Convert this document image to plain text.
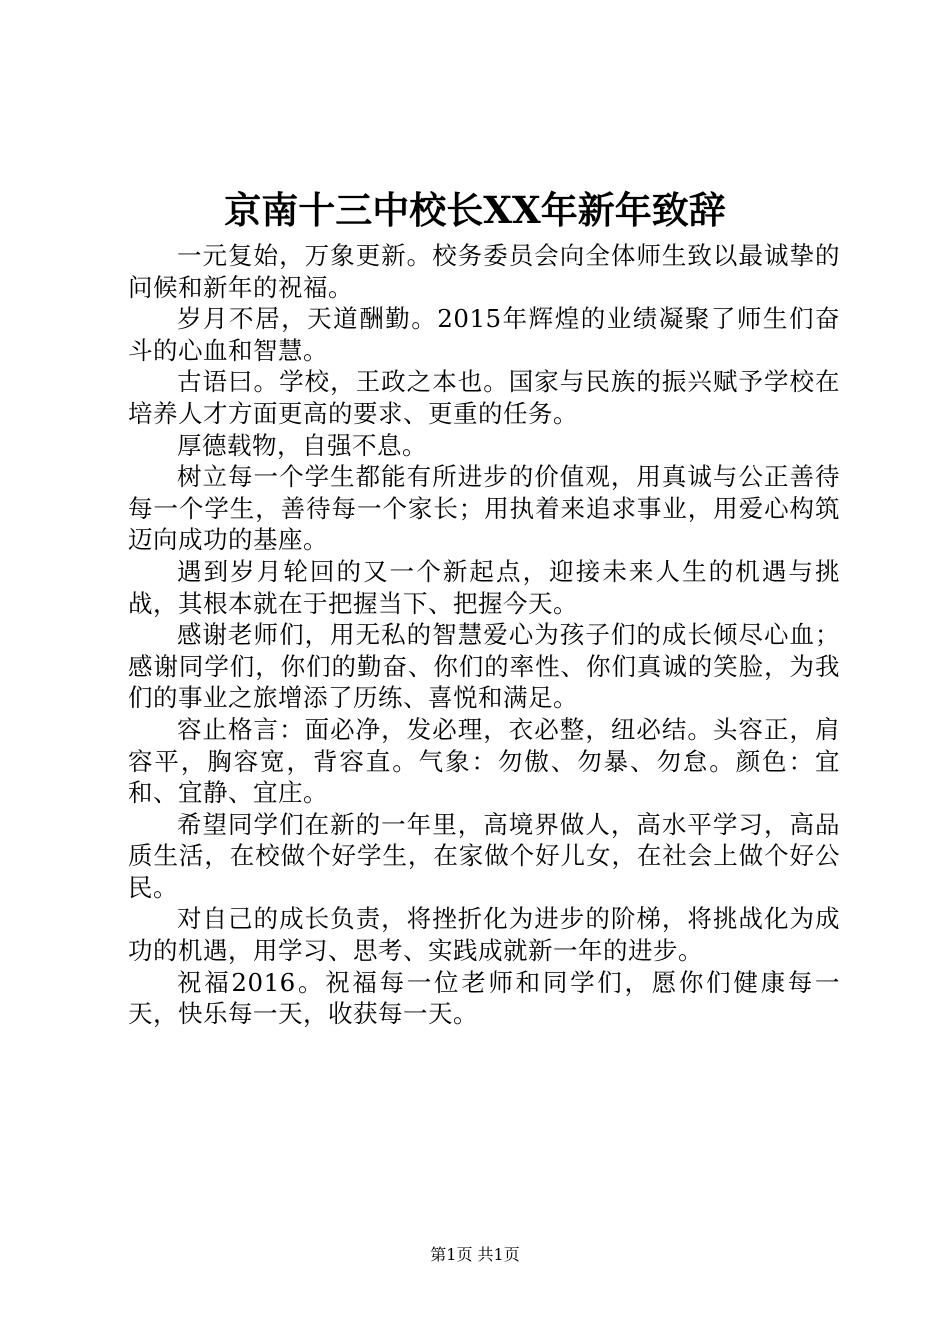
京南十三中校长XX年新年致辞

一元复始，万象更新。校务委员会向全体师生致以最诚挚的问候和新年的祝福。

岁月不居，天道酬勤。2015年辉煌的业绩凝聚了师生们奋斗的心血和智慧。

古语曰。学校，王政之本也。国家与民族的振兴赋予学校在培养人才方面更高的要求、更重的任务。

厚德载物，自强不息。

树立每一个学生都能有所进步的价值观，用真诚与公正善待每一个学生，善待每一个家长；用执着来追求事业，用爱心构筑迈向成功的基座。

遇到岁月轮回的又一个新起点，迎接未来人生的机遇与挑战，其根本就在于把握当下、把握今天。

感谢老师们，用无私的智慧爱心为孩子们的成长倾尽心血；感谢同学们，你们的勤奋、你们的率性、你们真诚的笑脸，为我们的事业之旅增添了历练、喜悦和满足。

容止格言：面必净，发必理，衣必整，纽必结。头容正，肩容平，胸容宽，背容直。气象：勿傲、勿暴、勿怠。颜色：宜和、宜静、宜庄。

希望同学们在新的一年里，高境界做人，高水平学习，高品质生活，在校做个好学生，在家做个好儿女，在社会上做个好公民。

对自己的成长负责，将挫折化为进步的阶梯，将挑战化为成功的机遇，用学习、思考、实践成就新一年的进步。

祝福2016。祝福每一位老师和同学们，愿你们健康每一天，快乐每一天，收获每一天。

第1页 共1页
